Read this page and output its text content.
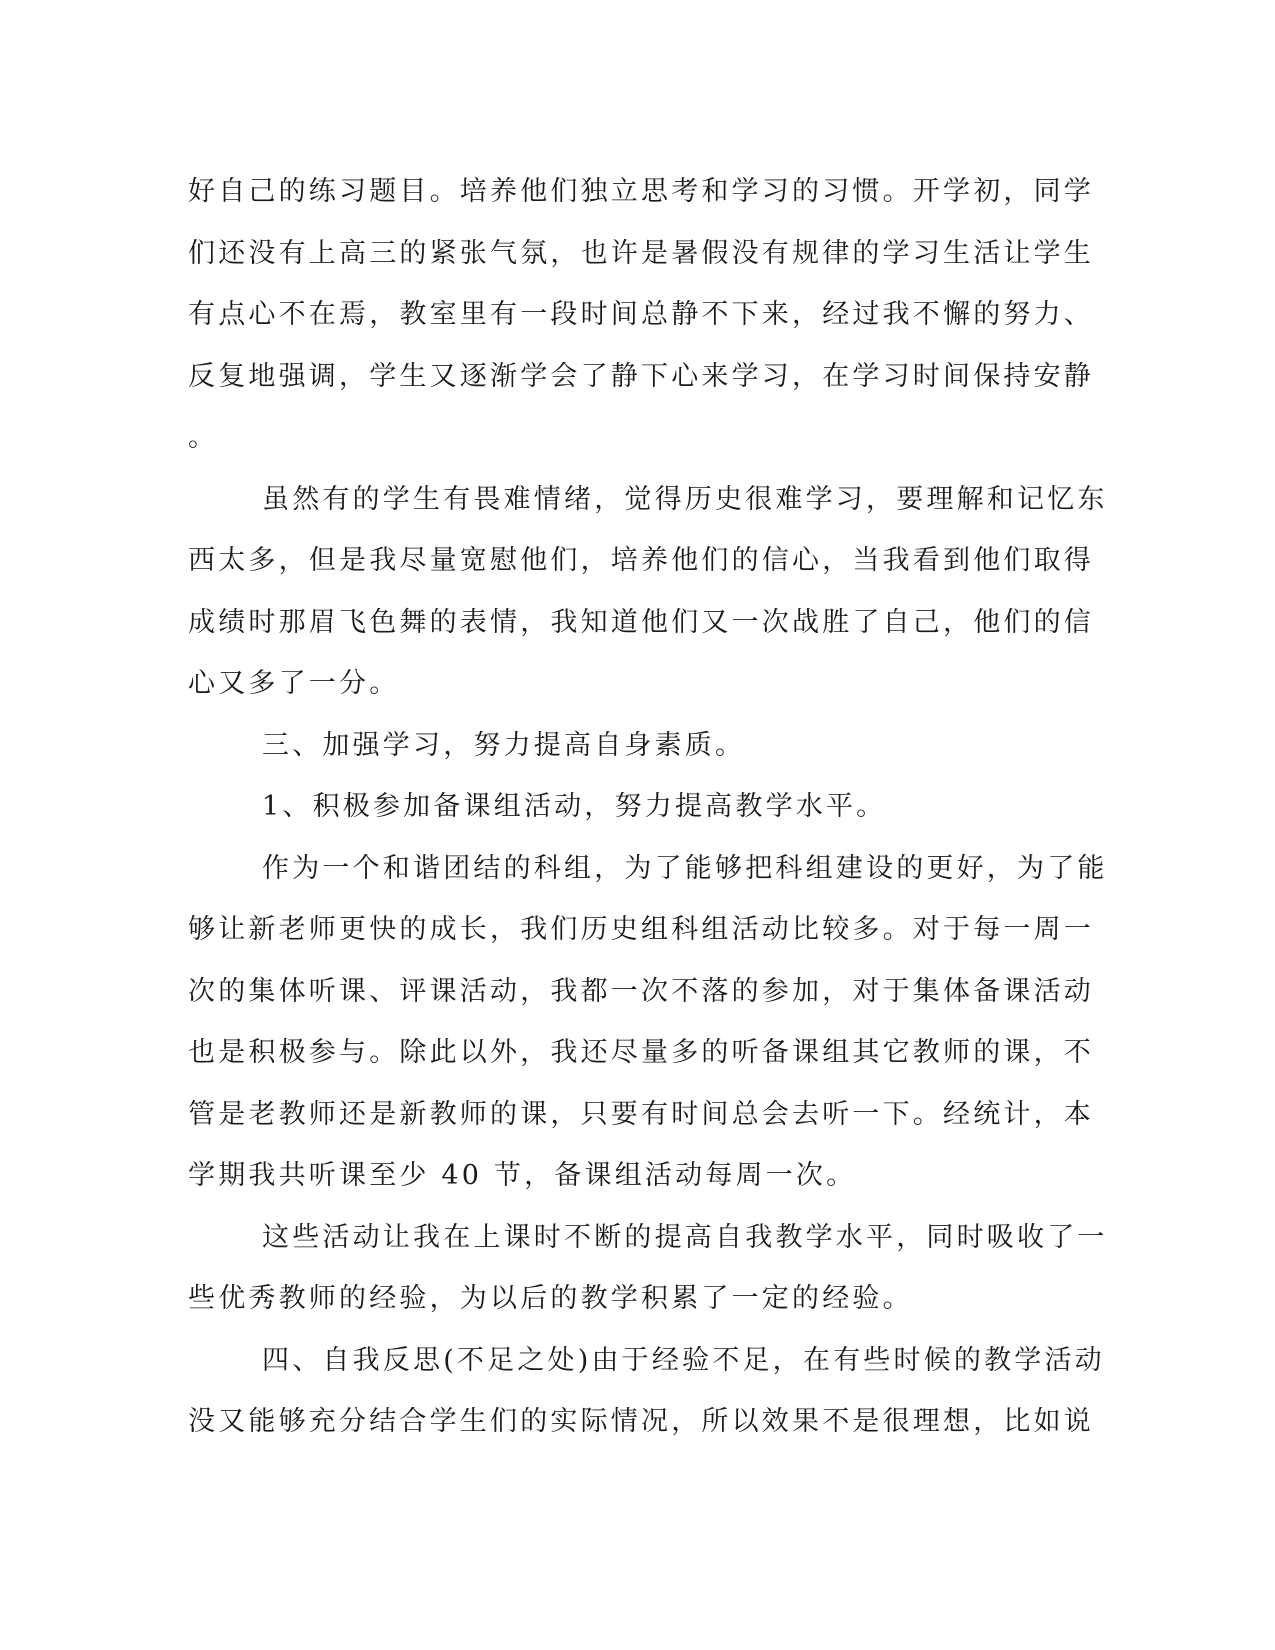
好自己的练习题目。培养他们独立思考和学习的习惯。开学初，同学
们还没有上高三的紧张气氛，也许是暑假没有规律的学习生活让学生
有点心不在焉，教室里有一段时间总静不下来，经过我不懈的努力、
反复地强调，学生又逐渐学会了静下心来学习，在学习时间保持安静
。
虽然有的学生有畏难情绪，觉得历史很难学习，要理解和记忆东
西太多，但是我尽量宽慰他们，培养他们的信心，当我看到他们取得
成绩时那眉飞色舞的表情，我知道他们又一次战胜了自己，他们的信
心又多了一分。
三、加强学习，努力提高自身素质。
1、积极参加备课组活动，努力提高教学水平。
作为一个和谐团结的科组，为了能够把科组建设的更好，为了能
够让新老师更快的成长，我们历史组科组活动比较多。对于每一周一
次的集体听课、评课活动，我都一次不落的参加，对于集体备课活动
也是积极参与。除此以外，我还尽量多的听备课组其它教师的课，不
管是老教师还是新教师的课，只要有时间总会去听一下。经统计，本
学期我共听课至少 40 节，备课组活动每周一次。
这些活动让我在上课时不断的提高自我教学水平，同时吸收了一
些优秀教师的经验，为以后的教学积累了一定的经验。
四、自我反思(不足之处)由于经验不足，在有些时候的教学活动
没又能够充分结合学生们的实际情况，所以效果不是很理想，比如说
